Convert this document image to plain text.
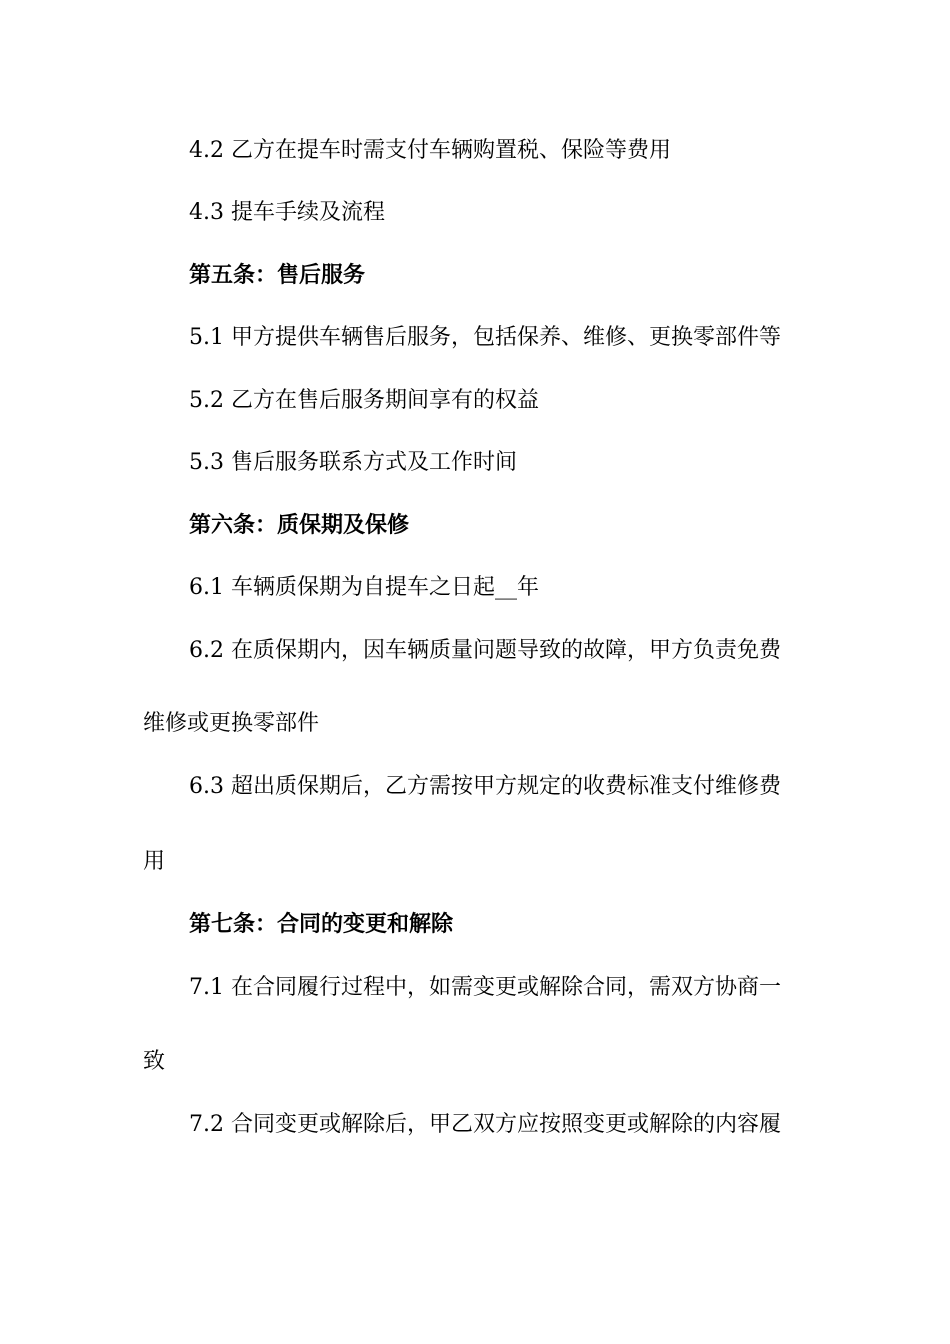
4.2 乙方在提车时需支付车辆购置税、保险等费用

4.3 提车手续及流程

第五条：售后服务

5.1 甲方提供车辆售后服务，包括保养、维修、更换零部件等

5.2 乙方在售后服务期间享有的权益

5.3 售后服务联系方式及工作时间

第六条：质保期及保修

6.1 车辆质保期为自提车之日起__年

6.2 在质保期内，因车辆质量问题导致的故障，甲方负责免费

维修或更换零部件

6.3 超出质保期后，乙方需按甲方规定的收费标准支付维修费

用

第七条：合同的变更和解除

7.1 在合同履行过程中，如需变更或解除合同，需双方协商一

致

7.2 合同变更或解除后，甲乙双方应按照变更或解除的内容履
